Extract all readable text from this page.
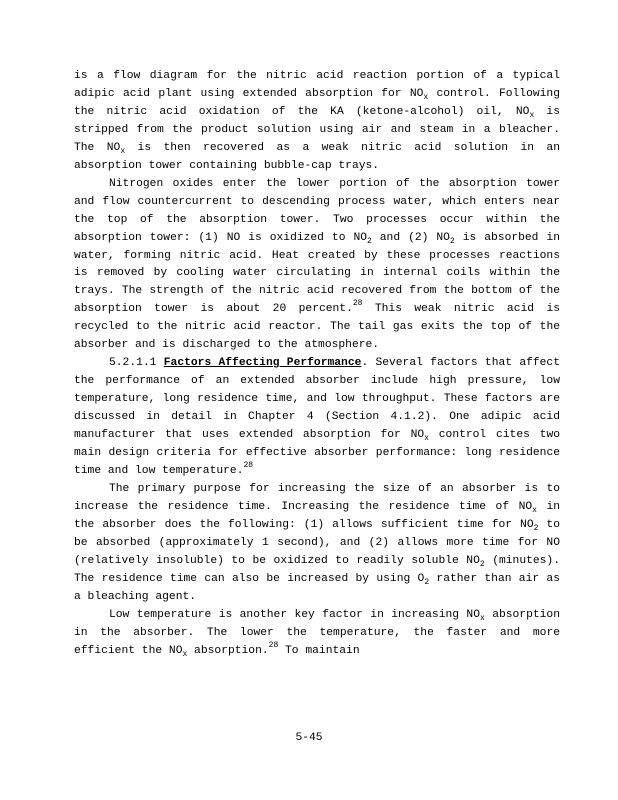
is a flow diagram for the nitric acid reaction portion of a typical adipic acid plant using extended absorption for $NO_x$ control. Following the nitric acid oxidation of the KA (ketone-alcohol) oil, $NO_x$ is stripped from the product solution using air and steam in a bleacher. The $NO_x$ is then recovered as a weak nitric acid solution in an absorption tower containing bubble-cap trays.

Nitrogen oxides enter the lower portion of the absorption tower and flow countercurrent to descending process water, which enters near the top of the absorption tower. Two processes occur within the absorption tower: (1) NO is oxidized to $NO_2$ and (2) $NO_2$ is absorbed in water, forming nitric acid. Heat created by these processes reactions is removed by cooling water circulating in internal coils within the trays. The strength of the nitric acid recovered from the bottom of the absorption tower is about 20 percent.$^{28}$ This weak nitric acid is recycled to the nitric acid reactor. The tail gas exits the top of the absorber and is discharged to the atmosphere.

5.2.1.1 Factors Affecting Performance. Several factors that affect the performance of an extended absorber include high pressure, low temperature, long residence time, and low throughput. These factors are discussed in detail in Chapter 4 (Section 4.1.2). One adipic acid manufacturer that uses extended absorption for $NO_x$ control cites two main design criteria for effective absorber performance: long residence time and low temperature.$^{28}$

The primary purpose for increasing the size of an absorber is to increase the residence time. Increasing the residence time of $NO_x$ in the absorber does the following: (1) allows sufficient time for $NO_2$ to be absorbed (approximately 1 second), and (2) allows more time for NO (relatively insoluble) to be oxidized to readily soluble $NO_2$ (minutes). The residence time can also be increased by using $O_2$ rather than air as a bleaching agent.

Low temperature is another key factor in increasing $NO_x$ absorption in the absorber. The lower the temperature, the faster and more efficient the $NO_x$ absorption.$^{28}$ To maintain

5-45
